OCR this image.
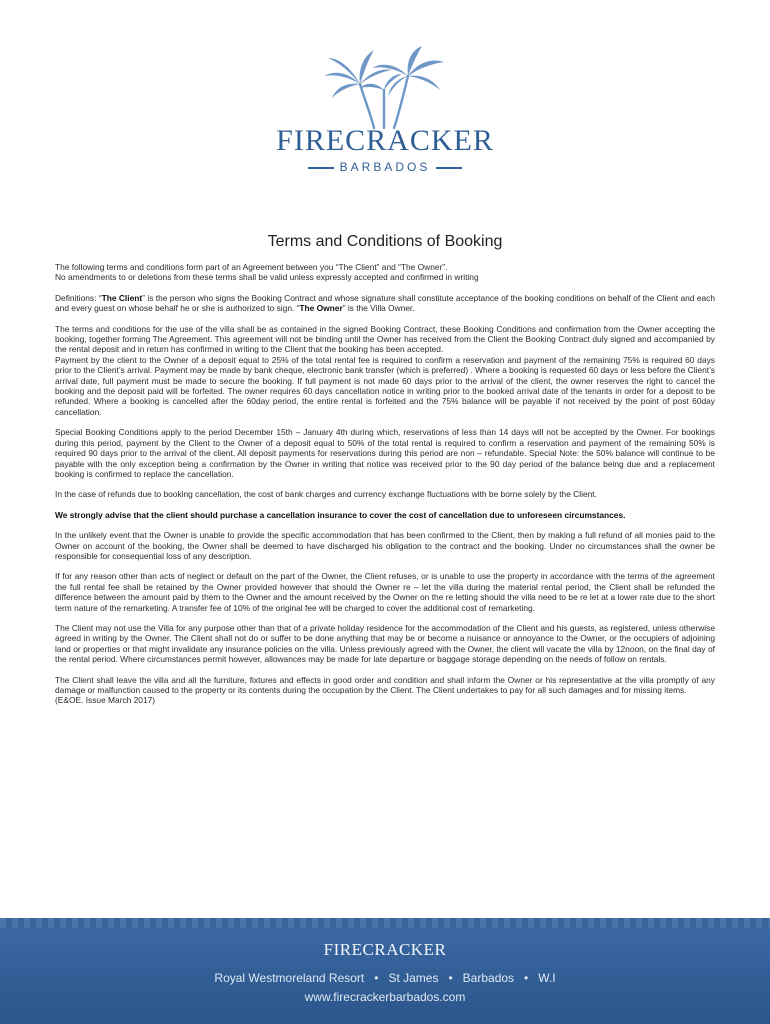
FIRECRACKER
BARBADOS
Terms and Conditions of Booking

The following terms and conditions form part of an Agreement between you “The Client” and “The Owner”.
No amendments to or deletions from these terms shall be valid unless expressly accepted and confirmed in writing

Definitions: “The Client” is the person who signs the Booking Contract and whose signature shall constitute acceptance of the booking conditions on behalf of the Client and each and every guest on whose behalf he or she is authorized to sign. “The Owner” is the Villa Owner.

The terms and conditions for the use of the villa shall be as contained in the signed Booking Contract, these Booking Conditions and confirmation from the Owner accepting the booking, together forming The Agreement. This agreement will not be binding until the Owner has received from the Client the Booking Contract duly signed and accompanied by the rental deposit and in return has confirmed in writing to the Client that the booking has been accepted.

Payment by the client to the Owner of a deposit equal to 25% of the total rental fee is required to confirm a reservation and payment of the remaining 75% is required 60 days prior to the Client’s arrival. Payment may be made by bank cheque, electronic bank transfer (which is preferred) . Where a booking is requested 60 days or less before the Client’s arrival date, full payment must be made to secure the booking. If full payment is not made 60 days prior to the arrival of the client, the owner reserves the right to cancel the booking and the deposit paid will be forfeited. The owner requires 60 days cancellation notice in writing prior to the booked arrival date of the tenants in order for a deposit to be refunded. Where a booking is cancelled after the 60day period, the entire rental is forfeited and the 75% balance will be payable if not received by the point of post 60day cancellation.

Special Booking Conditions apply to the period December 15th – January 4th during which, reservations of less than 14 days will not be accepted by the Owner. For bookings during this period, payment by the Client to the Owner of a deposit equal to 50% of the total rental is required to confirm a reservation and payment of the remaining 50% is required 90 days prior to the arrival of the client. All deposit payments for reservations during this period are non – refundable. Special Note: the 50% balance will continue to be payable with the only exception being a confirmation by the Owner in writing that notice was received prior to the 90 day period of the balance being due and a replacement booking is confirmed to replace the cancellation.

In the case of refunds due to booking cancellation, the cost of bank charges and currency exchange fluctuations with be borne solely by the Client.

We strongly advise that the client should purchase a cancellation insurance to cover the cost of cancellation due to unforeseen circumstances.

In the unlikely event that the Owner is unable to provide the specific accommodation that has been confirmed to the Client, then by making a full refund of all monies paid to the Owner on account of the booking, the Owner shall be deemed to have discharged his obligation to the contract and the booking. Under no circumstances shall the owner be responsible for consequential loss of any description.

If for any reason other than acts of neglect or default on the part of the Owner, the Client refuses, or is unable to use the property in accordance with the terms of the agreement the full rental fee shall be retained by the Owner provided however that should the Owner re – let the villa during the material rental period, the Client shall be refunded the difference between the amount paid by them to the Owner and the amount received by the Owner on the re letting should the villa need to be re let at a lower rate due to the short term nature of the remarketing. A transfer fee of 10% of the original fee will be charged to cover the additional cost of remarketing.

The Client may not use the Villa for any purpose other than that of a private holiday residence for the accommodation of the Client and his guests, as registered, unless otherwise agreed in writing by the Owner. The Client shall not do or suffer to be done anything that may be or become a nuisance or annoyance to the Owner, or the occupiers of adjoining land or properties or that might invalidate any insurance policies on the villa. Unless previously agreed with the Owner, the client will vacate the villa by 12noon, on the final day of the rental period. Where circumstances permit however, allowances may be made for late departure or baggage storage depending on the needs of follow on rentals.

The Client shall leave the villa and all the furniture, fixtures and effects in good order and condition and shall inform the Owner or his representative at the villa promptly of any damage or malfunction caused to the property or its contents during the occupation by the Client. The Client undertakes to pay for all such damages and for missing items.

(E&OE. Issue March 2017)

FIRECRACKER
Royal Westmoreland Resort • St James • Barbados • W.I
www.firecrackerbarbados.com
